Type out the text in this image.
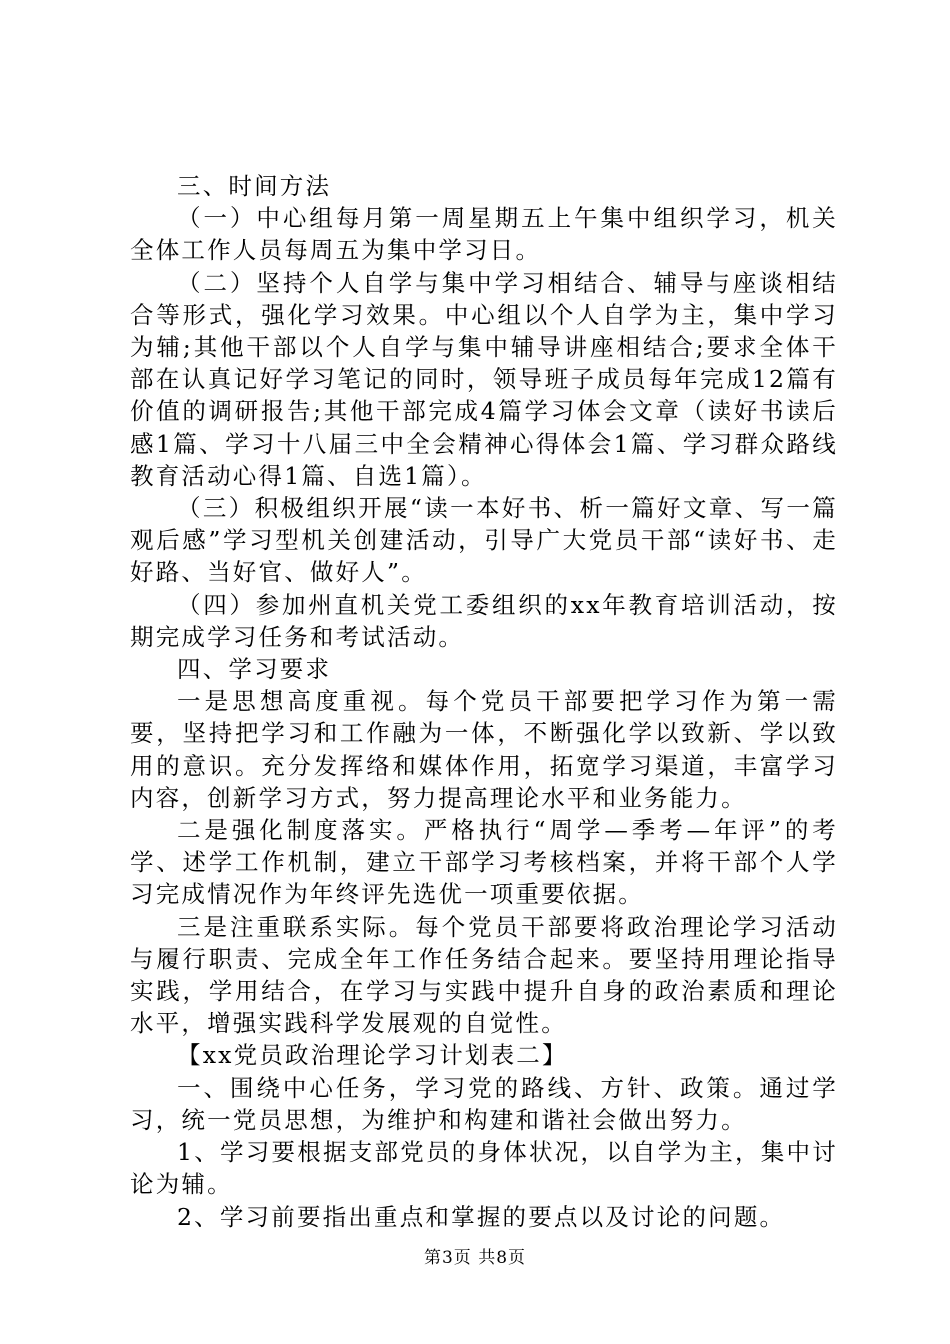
三、时间方法

（一）中心组每月第一周星期五上午集中组织学习，机关全体工作人员每周五为集中学习日。

（二）坚持个人自学与集中学习相结合、辅导与座谈相结合等形式，强化学习效果。中心组以个人自学为主，集中学习为辅;其他干部以个人自学与集中辅导讲座相结合;要求全体干部在认真记好学习笔记的同时，领导班子成员每年完成12篇有价值的调研报告;其他干部完成4篇学习体会文章（读好书读后感1篇、学习十八届三中全会精神心得体会1篇、学习群众路线教育活动心得1篇、自选1篇）。

（三）积极组织开展“读一本好书、析一篇好文章、写一篇观后感”学习型机关创建活动，引导广大党员干部“读好书、走好路、当好官、做好人”。

（四）参加州直机关党工委组织的xx年教育培训活动，按期完成学习任务和考试活动。

四、学习要求

一是思想高度重视。每个党员干部要把学习作为第一需要，坚持把学习和工作融为一体，不断强化学以致新、学以致用的意识。充分发挥络和媒体作用，拓宽学习渠道，丰富学习内容，创新学习方式，努力提高理论水平和业务能力。

二是强化制度落实。严格执行“周学—季考—年评”的考学、述学工作机制，建立干部学习考核档案，并将干部个人学习完成情况作为年终评先选优一项重要依据。

三是注重联系实际。每个党员干部要将政治理论学习活动与履行职责、完成全年工作任务结合起来。要坚持用理论指导实践，学用结合，在学习与实践中提升自身的政治素质和理论水平，增强实践科学发展观的自觉性。

【xx党员政治理论学习计划表二】

一、围绕中心任务，学习党的路线、方针、政策。通过学习，统一党员思想，为维护和构建和谐社会做出努力。

1、学习要根据支部党员的身体状况，以自学为主，集中讨论为辅。

2、学习前要指出重点和掌握的要点以及讨论的问题。

第3页 共8页
